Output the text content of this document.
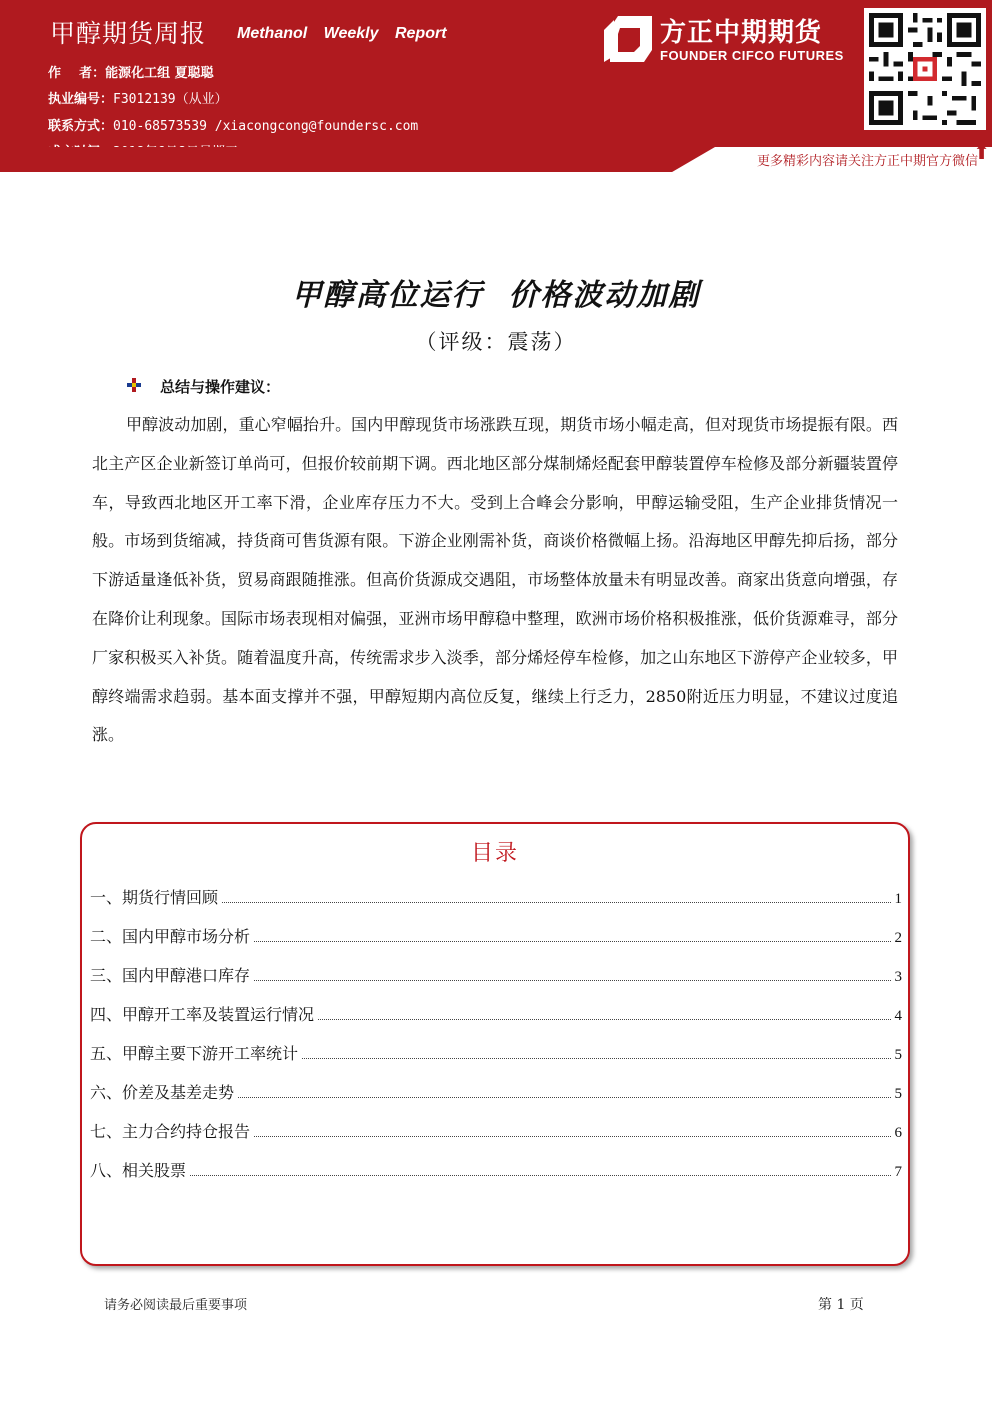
甲醇期货周报 Methanol Weekly Report
作    者：能源化工组 夏聪聪
执业编号：F3012139（从业）
联系方式：010-68573539 /xiacongcong@foundersc.com
方正中期期货
FOUNDER CIFCO FUTURES
更多精彩内容请关注方正中期官方微信
⬆
甲醇高位运行  价格波动加剧
（评级：震荡）
总结与操作建议：
甲醇波动加剧，重心窄幅抬升。国内甲醇现货市场涨跌互现，期货市场小幅走高，但对现货市场提振有限。西北主产区企业新签订单尚可，但报价较前期下调。西北地区部分煤制烯烃配套甲醇装置停车检修及部分新疆装置停车，导致西北地区开工率下滑，企业库存压力不大。受到上合峰会分影响，甲醇运输受阻，生产企业排货情况一般。市场到货缩减，持货商可售货源有限。下游企业刚需补货，商谈价格微幅上扬。沿海地区甲醇先抑后扬，部分下游适量逢低补货，贸易商跟随推涨。但高价货源成交遇阻，市场整体放量未有明显改善。商家出货意向增强，存在降价让利现象。国际市场表现相对偏强，亚洲市场甲醇稳中整理，欧洲市场价格积极推涨，低价货源难寻，部分厂家积极买入补货。随着温度升高，传统需求步入淡季，部分烯烃停车检修，加之山东地区下游停产企业较多，甲醇终端需求趋弱。基本面支撑并不强，甲醇短期内高位反复，继续上行乏力，2850附近压力明显，不建议过度追涨。
目录
一、期货行情回顾	1
二、国内甲醇市场分析	2
三、国内甲醇港口库存	3
四、甲醇开工率及装置运行情况	4
五、甲醇主要下游开工率统计	5
六、价差及基差走势	5
七、主力合约持仓报告	6
八、相关股票	7
请务必阅读最后重要事项	第 1 页
